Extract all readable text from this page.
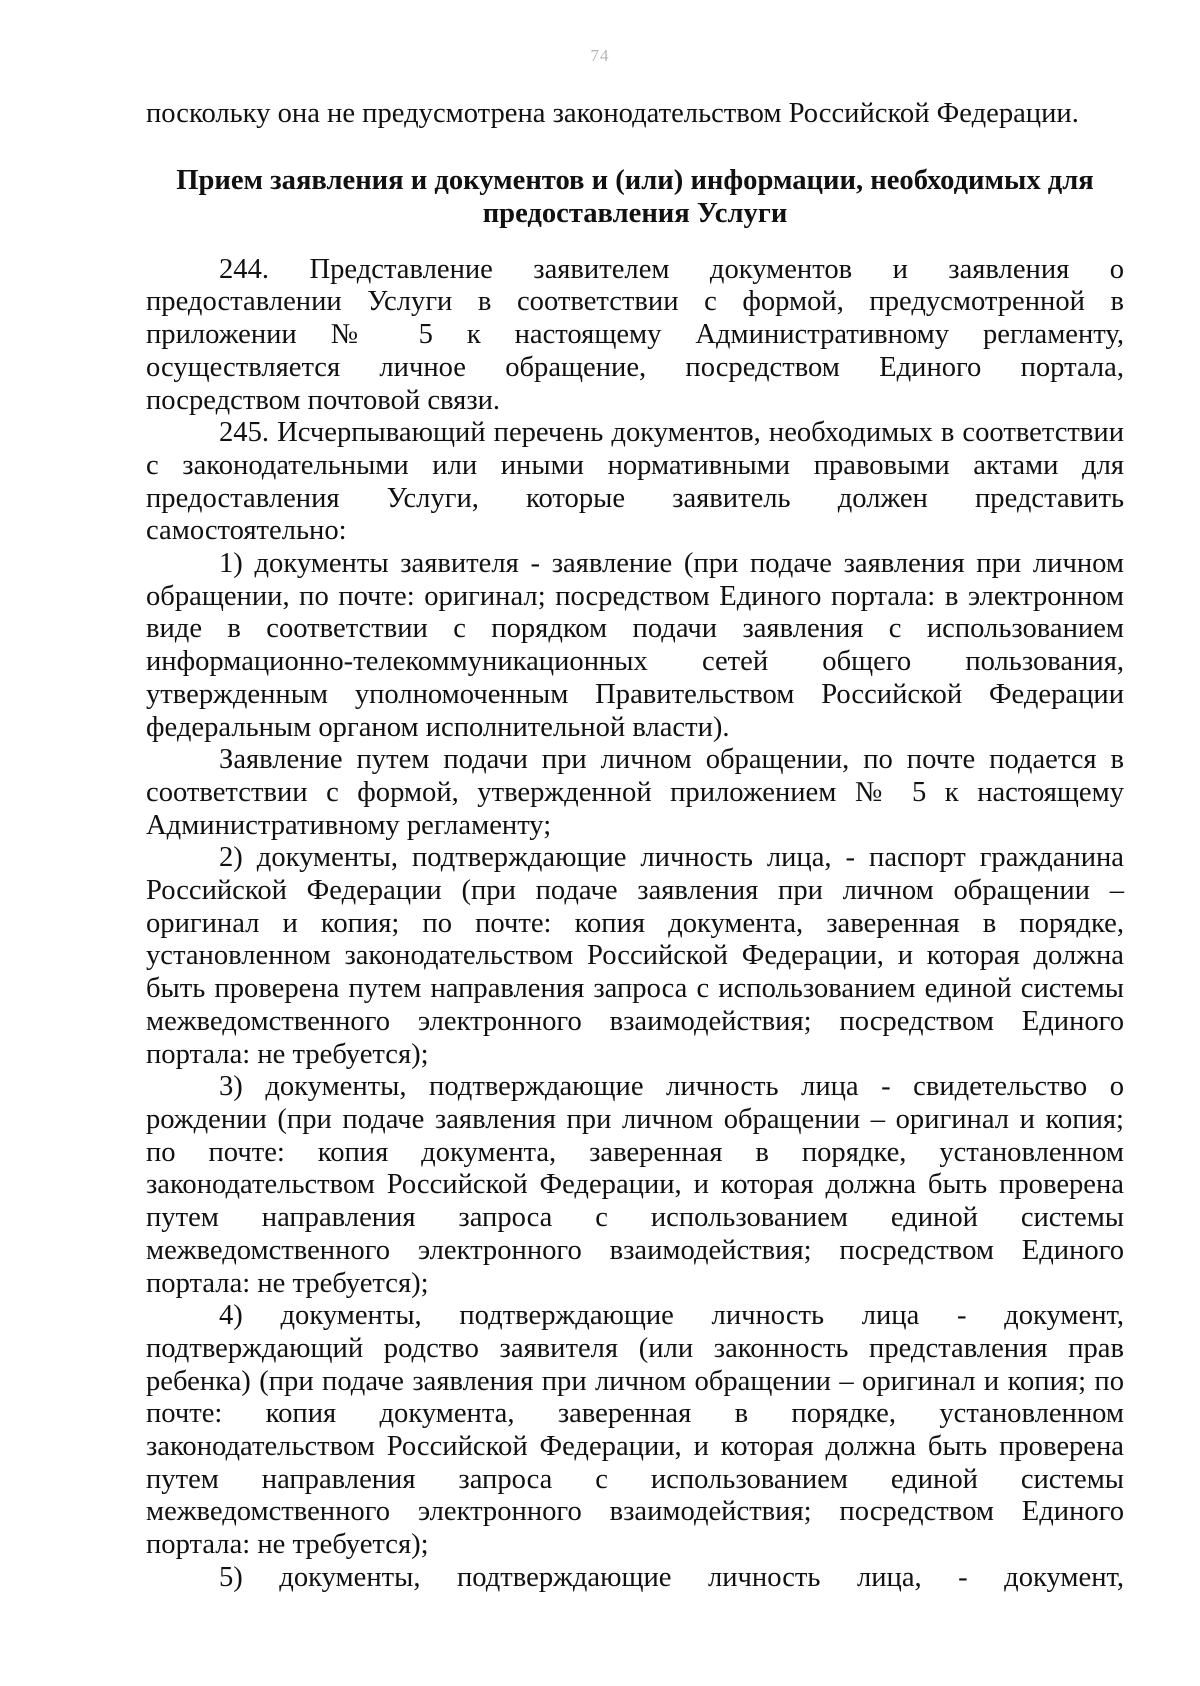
74

поскольку она не предусмотрена законодательством Российской Федерации.

Прием заявления и документов и (или) информации, необходимых для предоставления Услуги

244. Представление заявителем документов и заявления о предоставлении Услуги в соответствии с формой, предусмотренной в приложении № 5 к настоящему Административному регламенту, осуществляется личное обращение, посредством Единого портала, посредством почтовой связи.

245. Исчерпывающий перечень документов, необходимых в соответствии с законодательными или иными нормативными правовыми актами для предоставления Услуги, которые заявитель должен представить самостоятельно:

1) документы заявителя - заявление (при подаче заявления при личном обращении, по почте: оригинал; посредством Единого портала: в электронном виде в соответствии с порядком подачи заявления с использованием информационно-телекоммуникационных сетей общего пользования, утвержденным уполномоченным Правительством Российской Федерации федеральным органом исполнительной власти).

Заявление путем подачи при личном обращении, по почте подается в соответствии с формой, утвержденной приложением № 5 к настоящему Административному регламенту;

2) документы, подтверждающие личность лица, - паспорт гражданина Российской Федерации (при подаче заявления при личном обращении – оригинал и копия; по почте: копия документа, заверенная в порядке, установленном законодательством Российской Федерации, и которая должна быть проверена путем направления запроса с использованием единой системы межведомственного электронного взаимодействия; посредством Единого портала: не требуется);

3) документы, подтверждающие личность лица - свидетельство о рождении (при подаче заявления при личном обращении – оригинал и копия; по почте: копия документа, заверенная в порядке, установленном законодательством Российской Федерации, и которая должна быть проверена путем направления запроса с использованием единой системы межведомственного электронного взаимодействия; посредством Единого портала: не требуется);

4) документы, подтверждающие личность лица - документ, подтверждающий родство заявителя (или законность представления прав ребенка) (при подаче заявления при личном обращении – оригинал и копия; по почте: копия документа, заверенная в порядке, установленном законодательством Российской Федерации, и которая должна быть проверена путем направления запроса с использованием единой системы межведомственного электронного взаимодействия; посредством Единого портала: не требуется);

5) документы, подтверждающие личность лица, - документ,
